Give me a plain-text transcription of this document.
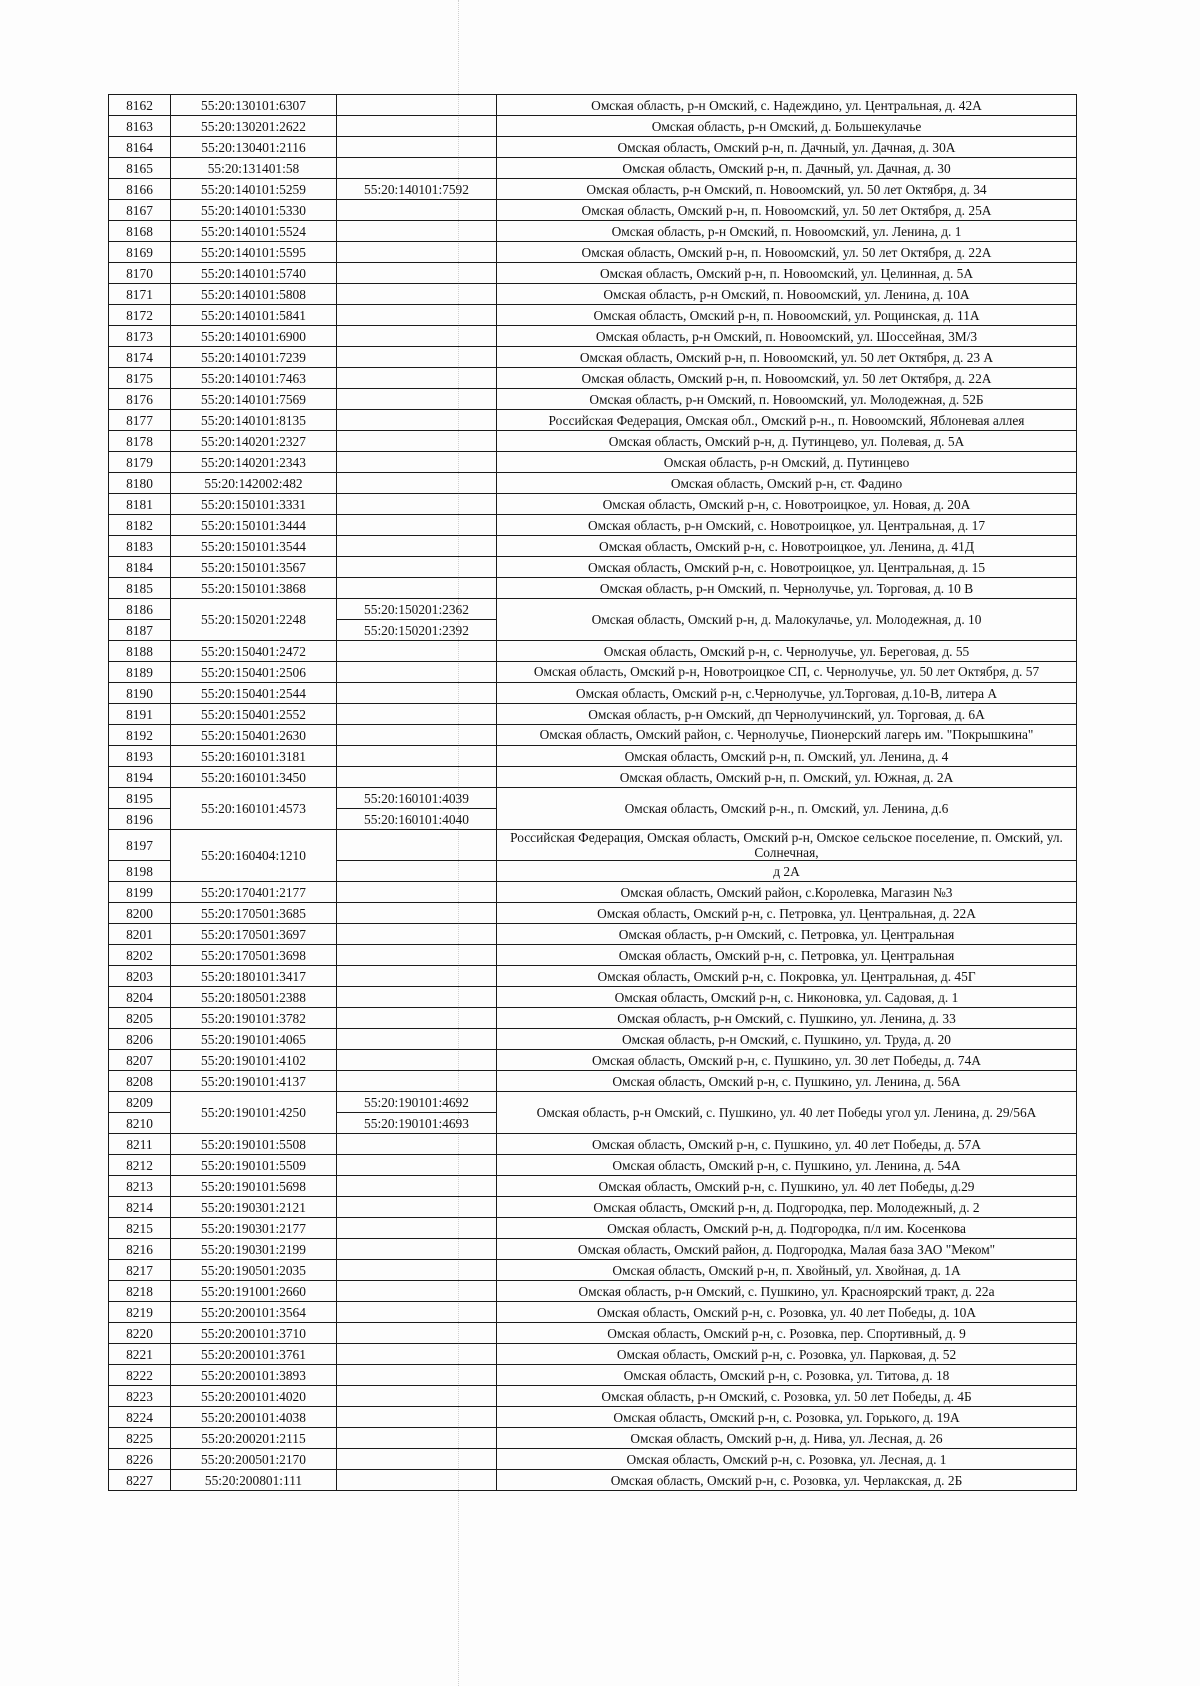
8162	55:20:130101:6307		Омская область, р-н Омский, с. Надеждино, ул. Центральная, д. 42А
8163	55:20:130201:2622		Омская область, р-н Омский, д. Большекулачье
8164	55:20:130401:2116		Омская область, Омский р-н, п. Дачный, ул. Дачная, д. 30А
8165	55:20:131401:58		Омская область, Омский р-н, п. Дачный, ул. Дачная, д. 30
8166	55:20:140101:5259	55:20:140101:7592	Омская область, р-н Омский, п. Новоомский, ул. 50 лет Октября, д. 34
8167	55:20:140101:5330		Омская область, Омский р-н, п. Новоомский, ул. 50 лет Октября, д. 25А
8168	55:20:140101:5524		Омская область, р-н Омский, п. Новоомский, ул. Ленина, д. 1
8169	55:20:140101:5595		Омская область, Омский р-н, п. Новоомский, ул. 50 лет Октября, д. 22А
8170	55:20:140101:5740		Омская область, Омский р-н, п. Новоомский, ул. Целинная, д. 5А
8171	55:20:140101:5808		Омская область, р-н Омский, п. Новоомский, ул. Ленина, д. 10А
8172	55:20:140101:5841		Омская область, Омский р-н, п. Новоомский, ул. Рощинская, д. 11А
8173	55:20:140101:6900		Омская область, р-н Омский, п. Новоомский, ул. Шоссейная, 3М/3
8174	55:20:140101:7239		Омская область, Омский р-н, п. Новоомский, ул. 50 лет Октября, д. 23 А
8175	55:20:140101:7463		Омская область, Омский р-н, п. Новоомский, ул. 50 лет Октября, д. 22А
8176	55:20:140101:7569		Омская область, р-н Омский, п. Новоомский, ул. Молодежная, д. 52Б
8177	55:20:140101:8135		Российская Федерация, Омская обл., Омский р-н., п. Новоомский, Яблоневая аллея
8178	55:20:140201:2327		Омская область, Омский р-н, д. Путинцево, ул. Полевая, д. 5А
8179	55:20:140201:2343		Омская область, р-н Омский, д. Путинцево
8180	55:20:142002:482		Омская область, Омский р-н, ст. Фадино
8181	55:20:150101:3331		Омская область, Омский р-н, с. Новотроицкое, ул. Новая, д. 20А
8182	55:20:150101:3444		Омская область, р-н Омский, с. Новотроицкое, ул. Центральная, д. 17
8183	55:20:150101:3544		Омская область, Омский р-н, с. Новотроицкое, ул. Ленина, д. 41Д
8184	55:20:150101:3567		Омская область, Омский р-н, с. Новотроицкое, ул. Центральная, д. 15
8185	55:20:150101:3868		Омская область, р-н Омский, п. Чернолучье, ул. Торговая, д. 10 В
8186	55:20:150201:2248	55:20:150201:2362	Омская область, Омский р-н, д. Малокулачье, ул. Молодежная, д. 10
8187		55:20:150201:2392	
8188	55:20:150401:2472		Омская область, Омский р-н, с. Чернолучье, ул. Береговая, д. 55
8189	55:20:150401:2506		Омская область, Омский р-н, Новотроицкое СП, с. Чернолучье, ул. 50 лет Октября, д. 57
8190	55:20:150401:2544		Омская область, Омский р-н, с.Чернолучье, ул.Торговая, д.10-В, литера А
8191	55:20:150401:2552		Омская область, р-н Омский, дп Чернолучинский, ул. Торговая, д. 6А
8192	55:20:150401:2630		Омская область, Омский район, с. Чернолучье, Пионерский лагерь им. "Покрышкина"
8193	55:20:160101:3181		Омская область, Омский р-н, п. Омский, ул. Ленина, д. 4
8194	55:20:160101:3450		Омская область, Омский р-н, п. Омский, ул. Южная, д. 2А
8195	55:20:160101:4573	55:20:160101:4039	Омская область, Омский р-н., п. Омский, ул. Ленина, д.6
8196		55:20:160101:4040	
8197	55:20:160404:1210		Российская Федерация, Омская область, Омский р-н, Омское сельское поселение, п. Омский, ул. Солнечная,
8198			д 2А
8199	55:20:170401:2177		Омская область, Омский район, с.Королевка, Магазин №3
8200	55:20:170501:3685		Омская область, Омский р-н, с. Петровка, ул. Центральная, д. 22А
8201	55:20:170501:3697		Омская область, р-н Омский, с. Петровка, ул. Центральная
8202	55:20:170501:3698		Омская область, Омский р-н, с. Петровка, ул. Центральная
8203	55:20:180101:3417		Омская область, Омский р-н, с. Покровка, ул. Центральная, д. 45Г
8204	55:20:180501:2388		Омская область, Омский р-н, с. Никоновка, ул. Садовая, д. 1
8205	55:20:190101:3782		Омская область, р-н Омский, с. Пушкино, ул. Ленина, д. 33
8206	55:20:190101:4065		Омская область, р-н Омский, с. Пушкино, ул. Труда, д. 20
8207	55:20:190101:4102		Омская область, Омский р-н, с. Пушкино, ул. 30 лет Победы, д. 74А
8208	55:20:190101:4137		Омская область, Омский р-н, с. Пушкино, ул. Ленина, д. 56А
8209	55:20:190101:4250	55:20:190101:4692	Омская область, р-н Омский, с. Пушкино, ул. 40 лет Победы угол ул. Ленина, д. 29/56А
8210		55:20:190101:4693	
8211	55:20:190101:5508		Омская область, Омский р-н, с. Пушкино, ул. 40 лет Победы, д. 57А
8212	55:20:190101:5509		Омская область, Омский р-н, с. Пушкино, ул. Ленина, д. 54А
8213	55:20:190101:5698		Омская область, Омский р-н, с. Пушкино, ул. 40 лет Победы, д.29
8214	55:20:190301:2121		Омская область, Омский р-н, д. Подгородка, пер. Молодежный, д. 2
8215	55:20:190301:2177		Омская область, Омский р-н, д. Подгородка, п/л им. Косенкова
8216	55:20:190301:2199		Омская область, Омский район, д. Подгородка, Малая база ЗАО "Меком"
8217	55:20:190501:2035		Омская область, Омский р-н, п. Хвойный, ул. Хвойная, д. 1А
8218	55:20:191001:2660		Омская область, р-н Омский, с. Пушкино, ул. Красноярский тракт, д. 22а
8219	55:20:200101:3564		Омская область, Омский р-н, с. Розовка, ул. 40 лет Победы, д. 10А
8220	55:20:200101:3710		Омская область, Омский р-н, с. Розовка, пер. Спортивный, д. 9
8221	55:20:200101:3761		Омская область, Омский р-н, с. Розовка, ул. Парковая, д. 52
8222	55:20:200101:3893		Омская область, Омский р-н, с. Розовка, ул. Титова, д. 18
8223	55:20:200101:4020		Омская область, р-н Омский, с. Розовка, ул. 50 лет Победы, д. 4Б
8224	55:20:200101:4038		Омская область, Омский р-н, с. Розовка, ул. Горького, д. 19А
8225	55:20:200201:2115		Омская область, Омский р-н, д. Нива, ул. Лесная, д. 26
8226	55:20:200501:2170		Омская область, Омский р-н, с. Розовка, ул. Лесная, д. 1
8227	55:20:200801:111		Омская область, Омский р-н, с. Розовка, ул. Черлакская, д. 2Б
